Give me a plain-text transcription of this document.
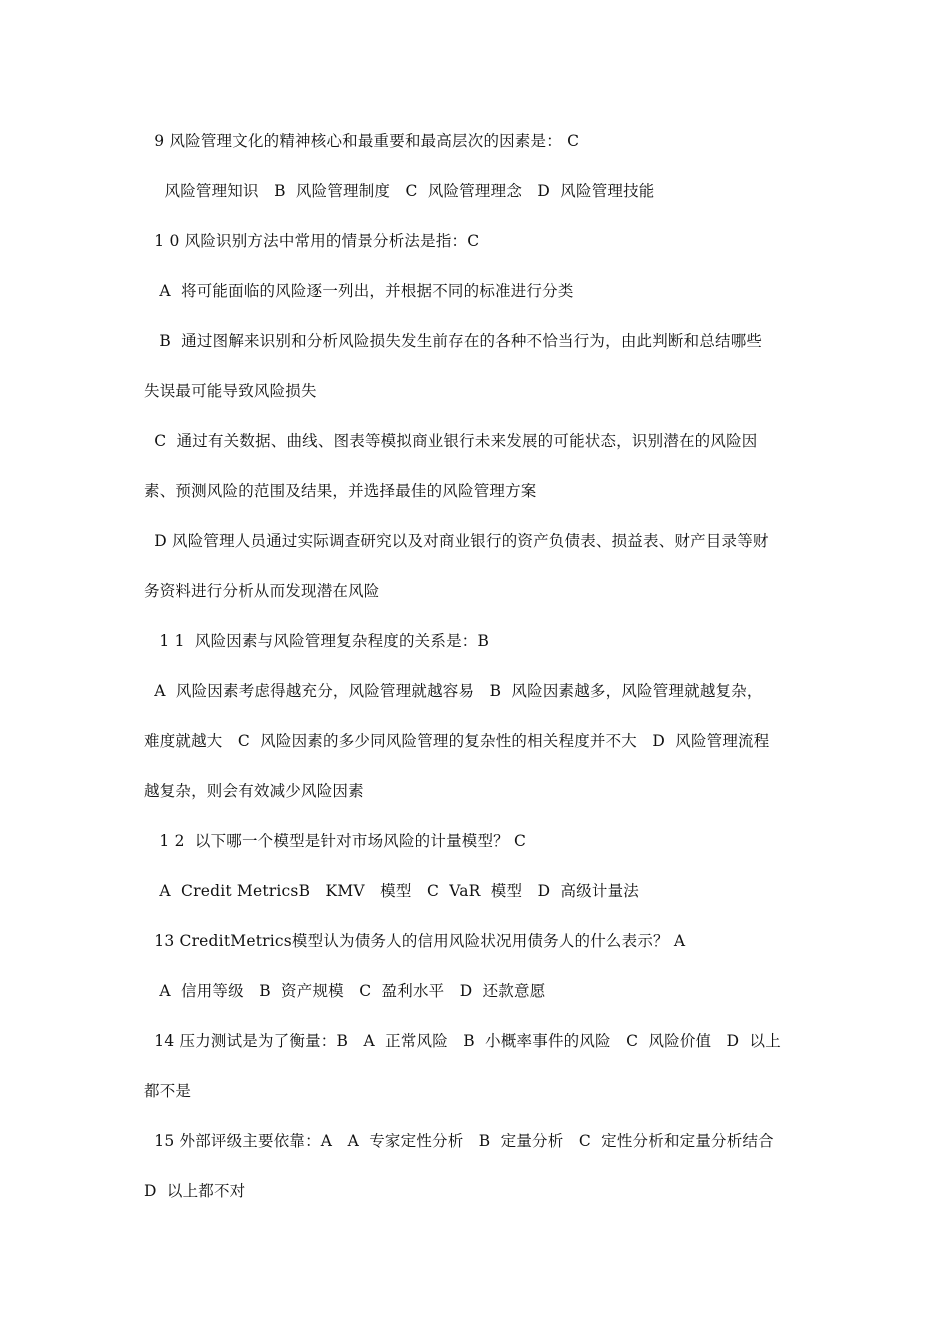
9 风险管理文化的精神核心和最重要和最高层次的因素是： C
风险管理知识   B  风险管理制度   C  风险管理理念   D  风险管理技能
1 0 风险识别方法中常用的情景分析法是指：C
A  将可能面临的风险逐一列出，并根据不同的标准进行分类
B  通过图解来识别和分析风险损失发生前存在的各种不恰当行为，由此判断和总结哪些
失误最可能导致风险损失
C  通过有关数据、曲线、图表等模拟商业银行未来发展的可能状态，识别潜在的风险因
素、预测风险的范围及结果，并选择最佳的风险管理方案
D 风险管理人员通过实际调查研究以及对商业银行的资产负债表、损益表、财产目录等财
务资料进行分析从而发现潜在风险
1 1  风险因素与风险管理复杂程度的关系是：B
A  风险因素考虑得越充分，风险管理就越容易   B  风险因素越多，风险管理就越复杂，
难度就越大   C  风险因素的多少同风险管理的复杂性的相关程度并不大   D  风险管理流程
越复杂，则会有效减少风险因素
1 2  以下哪一个模型是针对市场风险的计量模型？ C
A  Credit MetricsB   KMV   模型   C  VaR  模型   D  高级计量法
13 CreditMetrics模型认为债务人的信用风险状况用债务人的什么表示？ A
A  信用等级   B  资产规模   C  盈利水平   D  还款意愿
14 压力测试是为了衡量：B   A  正常风险   B  小概率事件的风险   C  风险价值   D  以上
都不是
15 外部评级主要依靠：A   A  专家定性分析   B  定量分析   C  定性分析和定量分析结合
D  以上都不对
